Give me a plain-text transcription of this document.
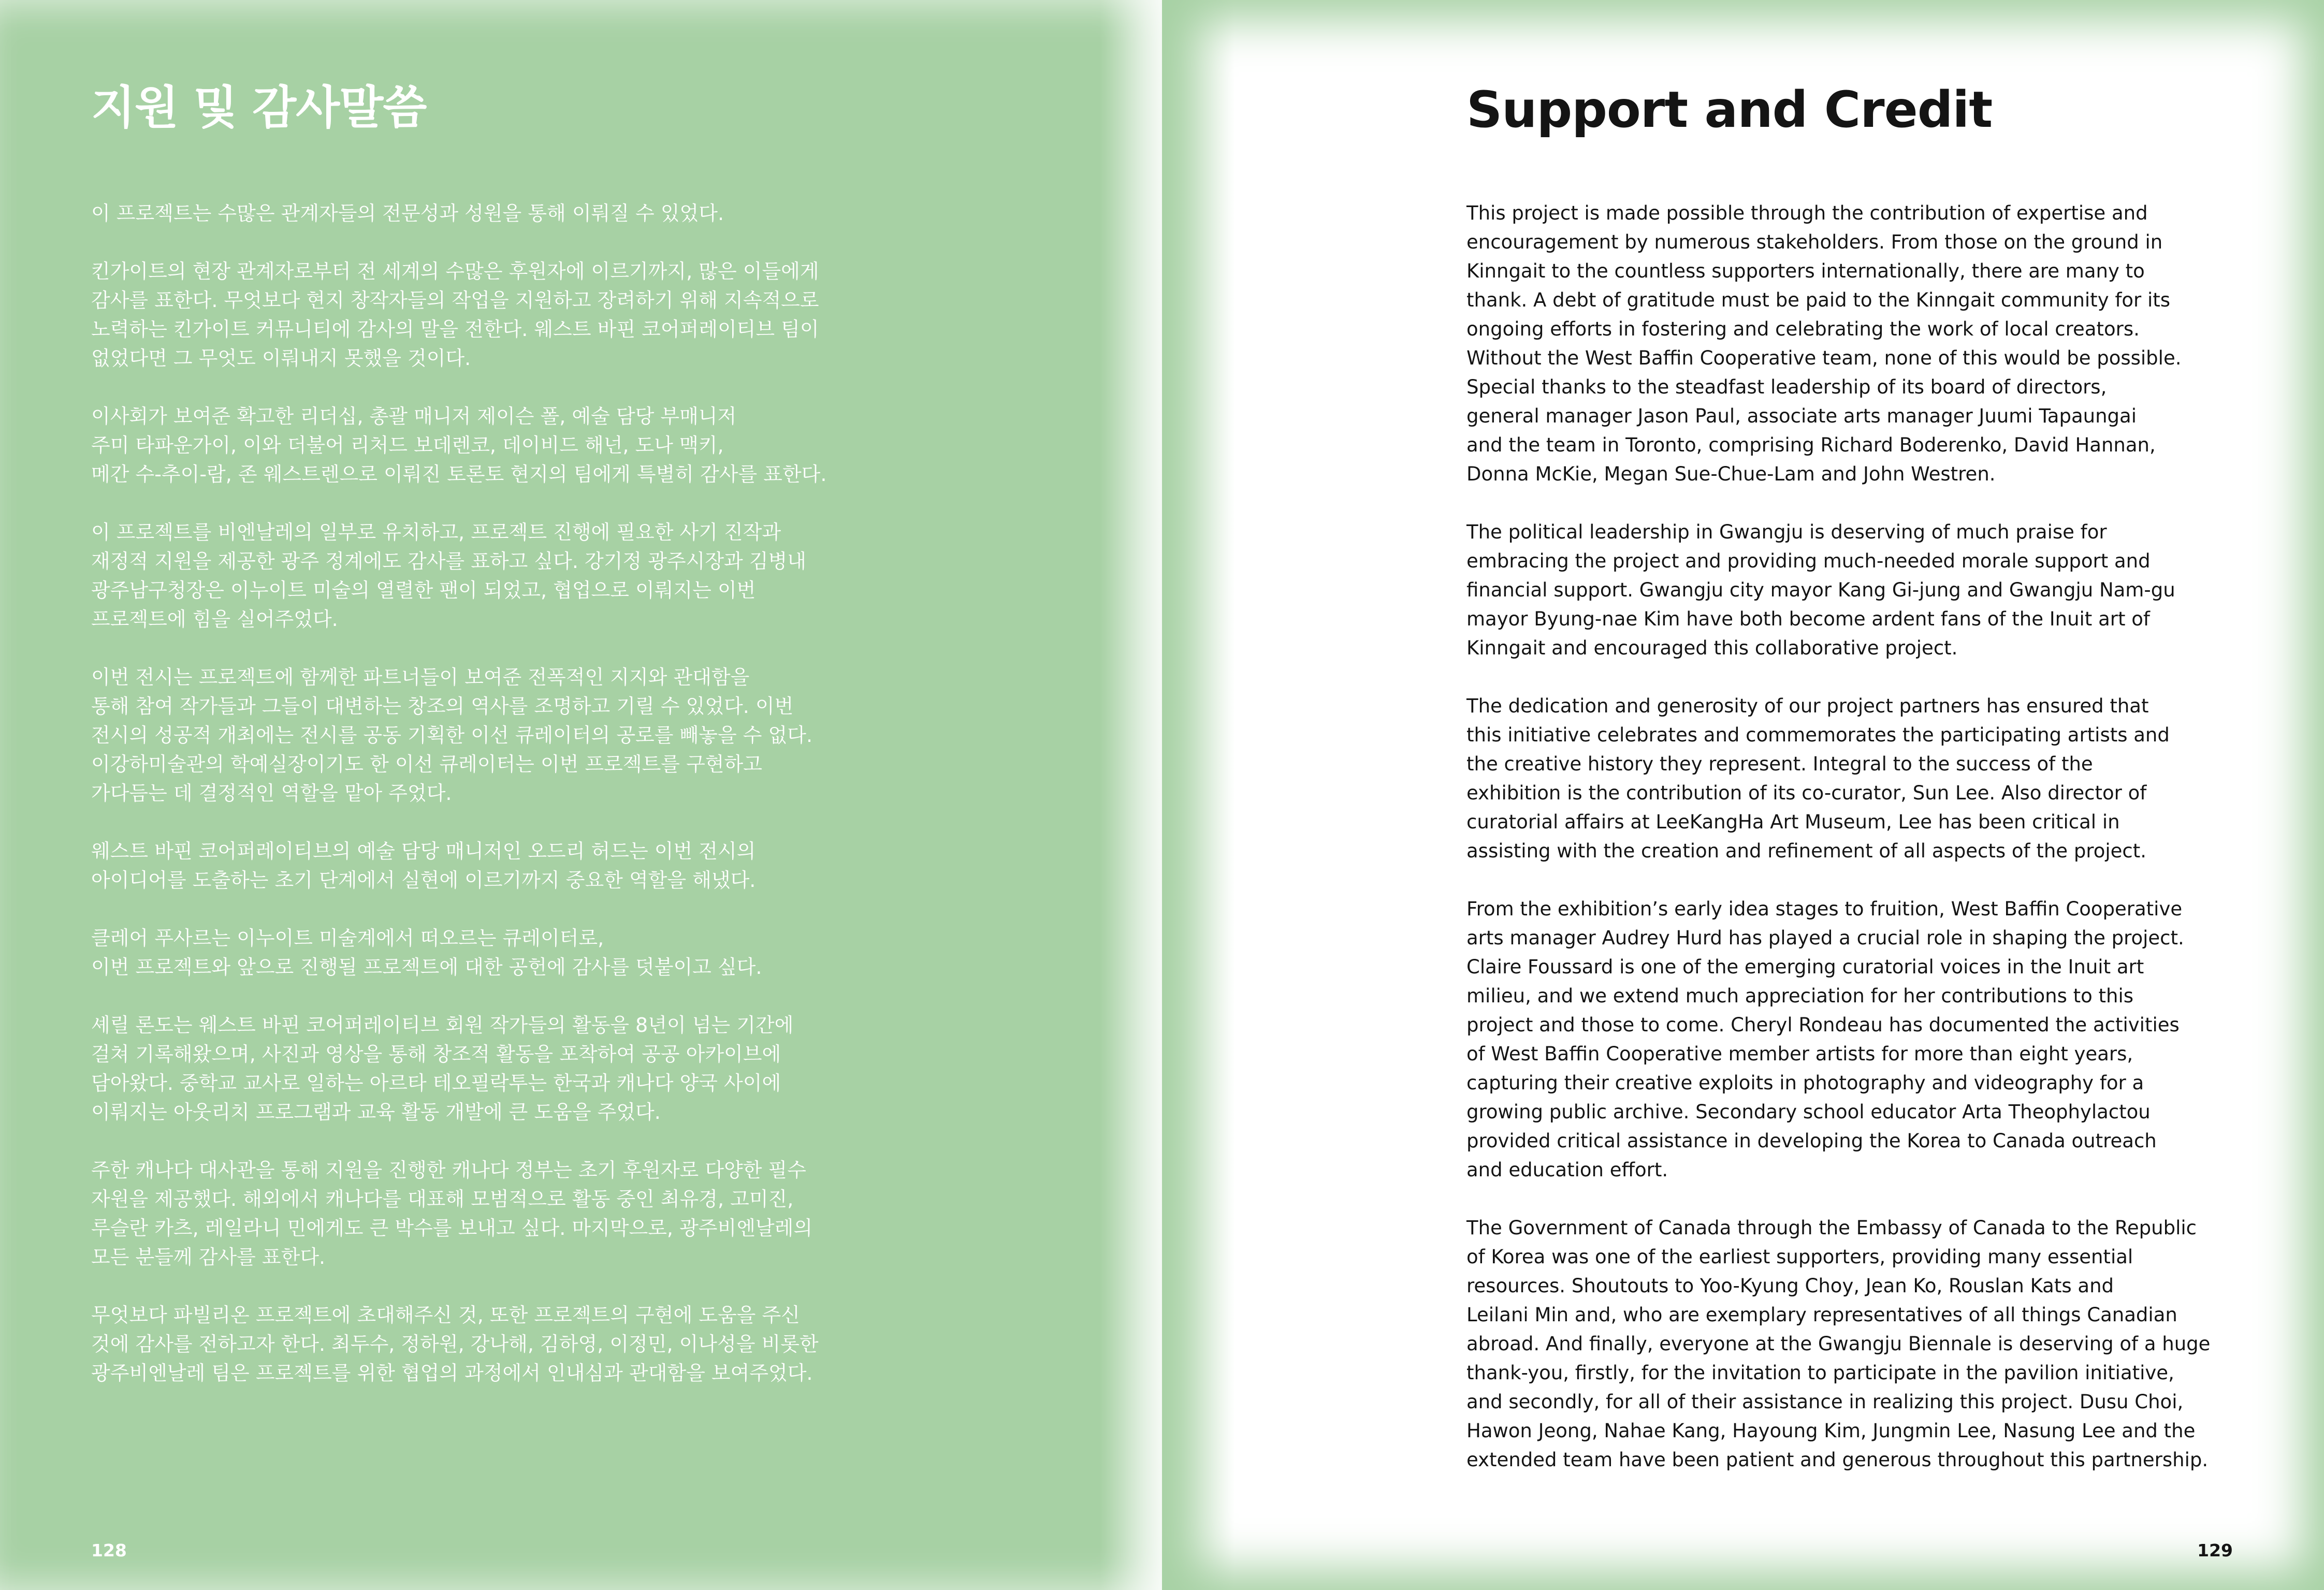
지원 및 감사말씀

이 프로젝트는 수많은 관계자들의 전문성과 성원을 통해 이뤄질 수 있었다.

킨가이트의 현장 관계자로부터 전 세계의 수많은 후원자에 이르기까지, 많은 이들에게
감사를 표한다. 무엇보다 현지 창작자들의 작업을 지원하고 장려하기 위해 지속적으로
노력하는 킨가이트 커뮤니티에 감사의 말을 전한다. 웨스트 바핀 코어퍼레이티브 팀이
없었다면 그 무엇도 이뤄내지 못했을 것이다.

이사회가 보여준 확고한 리더십, 총괄 매니저 제이슨 폴, 예술 담당 부매니저
주미 타파운가이, 이와 더불어 리처드 보데렌코, 데이비드 해넌, 도나 맥키,
메간 수-추이-람, 존 웨스트렌으로 이뤄진 토론토 현지의 팀에게 특별히 감사를 표한다.

이 프로젝트를 비엔날레의 일부로 유치하고, 프로젝트 진행에 필요한 사기 진작과
재정적 지원을 제공한 광주 정계에도 감사를 표하고 싶다. 강기정 광주시장과 김병내
광주남구청장은 이누이트 미술의 열렬한 팬이 되었고, 협업으로 이뤄지는 이번
프로젝트에 힘을 실어주었다.

이번 전시는 프로젝트에 함께한 파트너들이 보여준 전폭적인 지지와 관대함을
통해 참여 작가들과 그들이 대변하는 창조의 역사를 조명하고 기릴 수 있었다. 이번
전시의 성공적 개최에는 전시를 공동 기획한 이선 큐레이터의 공로를 빼놓을 수 없다.
이강하미술관의 학예실장이기도 한 이선 큐레이터는 이번 프로젝트를 구현하고
가다듬는 데 결정적인 역할을 맡아 주었다.

웨스트 바핀 코어퍼레이티브의 예술 담당 매니저인 오드리 허드는 이번 전시의
아이디어를 도출하는 초기 단계에서 실현에 이르기까지 중요한 역할을 해냈다.

클레어 푸사르는 이누이트 미술계에서 떠오르는 큐레이터로,
이번 프로젝트와 앞으로 진행될 프로젝트에 대한 공헌에 감사를 덧붙이고 싶다.

셰릴 론도는 웨스트 바핀 코어퍼레이티브 회원 작가들의 활동을 8년이 넘는 기간에
걸쳐 기록해왔으며, 사진과 영상을 통해 창조적 활동을 포착하여 공공 아카이브에
담아왔다. 중학교 교사로 일하는 아르타 테오필락투는 한국과 캐나다 양국 사이에
이뤄지는 아웃리치 프로그램과 교육 활동 개발에 큰 도움을 주었다.

주한 캐나다 대사관을 통해 지원을 진행한 캐나다 정부는 초기 후원자로 다양한 필수
자원을 제공했다. 해외에서 캐나다를 대표해 모범적으로 활동 중인 최유경, 고미진,
루슬란 카츠, 레일라니 민에게도 큰 박수를 보내고 싶다. 마지막으로, 광주비엔날레의
모든 분들께 감사를 표한다.

무엇보다 파빌리온 프로젝트에 초대해주신 것, 또한 프로젝트의 구현에 도움을 주신
것에 감사를 전하고자 한다. 최두수, 정하원, 강나해, 김하영, 이정민, 이나성을 비롯한
광주비엔날레 팀은 프로젝트를 위한 협업의 과정에서 인내심과 관대함을 보여주었다.

128
Support and Credit

This project is made possible through the contribution of expertise and
encouragement by numerous stakeholders. From those on the ground in
Kinngait to the countless supporters internationally, there are many to
thank. A debt of gratitude must be paid to the Kinngait community for its
ongoing efforts in fostering and celebrating the work of local creators.
Without the West Baffin Cooperative team, none of this would be possible.
Special thanks to the steadfast leadership of its board of directors,
general manager Jason Paul, associate arts manager Juumi Tapaungai
and the team in Toronto, comprising Richard Boderenko, David Hannan,
Donna McKie, Megan Sue-Chue-Lam and John Westren.

The political leadership in Gwangju is deserving of much praise for
embracing the project and providing much-needed morale support and
financial support. Gwangju city mayor Kang Gi-jung and Gwangju Nam-gu
mayor Byung-nae Kim have both become ardent fans of the Inuit art of
Kinngait and encouraged this collaborative project.

The dedication and generosity of our project partners has ensured that
this initiative celebrates and commemorates the participating artists and
the creative history they represent. Integral to the success of the
exhibition is the contribution of its co-curator, Sun Lee. Also director of
curatorial affairs at LeeKangHa Art Museum, Lee has been critical in
assisting with the creation and refinement of all aspects of the project.

From the exhibition’s early idea stages to fruition, West Baffin Cooperative
arts manager Audrey Hurd has played a crucial role in shaping the project.
Claire Foussard is one of the emerging curatorial voices in the Inuit art
milieu, and we extend much appreciation for her contributions to this
project and those to come. Cheryl Rondeau has documented the activities
of West Baffin Cooperative member artists for more than eight years,
capturing their creative exploits in photography and videography for a
growing public archive. Secondary school educator Arta Theophylactou
provided critical assistance in developing the Korea to Canada outreach
and education effort.

The Government of Canada through the Embassy of Canada to the Republic
of Korea was one of the earliest supporters, providing many essential
resources. Shoutouts to Yoo-Kyung Choy, Jean Ko, Rouslan Kats and
Leilani Min and, who are exemplary representatives of all things Canadian
abroad. And finally, everyone at the Gwangju Biennale is deserving of a huge
thank-you, firstly, for the invitation to participate in the pavilion initiative,
and secondly, for all of their assistance in realizing this project. Dusu Choi,
Hawon Jeong, Nahae Kang, Hayoung Kim, Jungmin Lee, Nasung Lee and the
extended team have been patient and generous throughout this partnership.

129
